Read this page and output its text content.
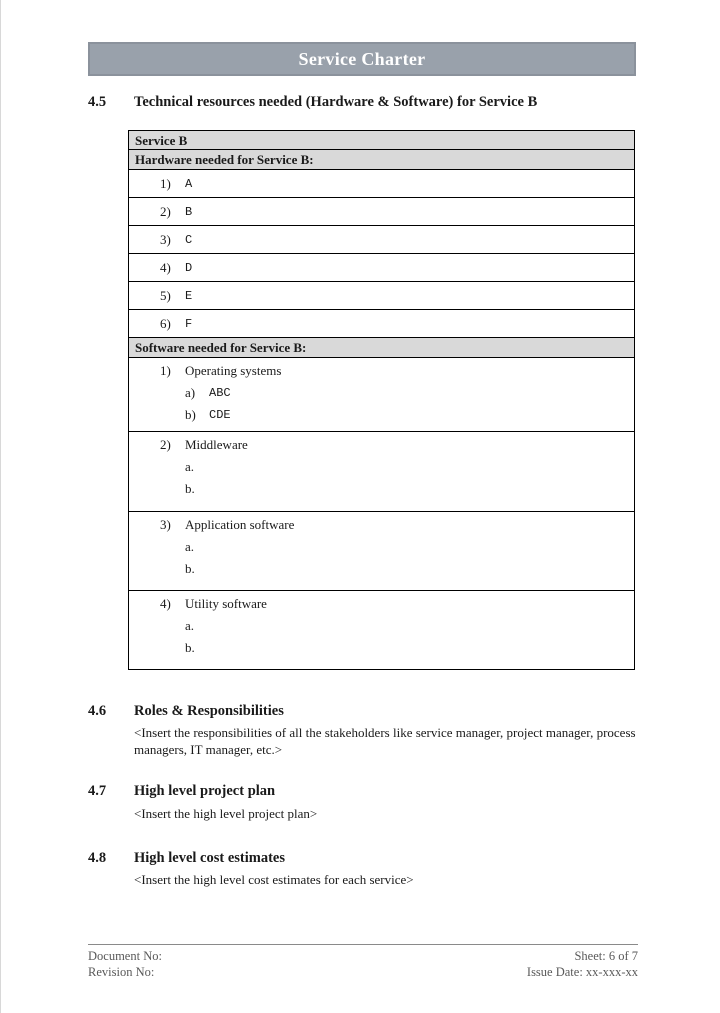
Service Charter
4.5	Technical resources needed (Hardware & Software) for Service B
Service B
Hardware needed for Service B:
1)	A
2)	B
3)	C
4)	D
5)	E
6)	F
Software needed for Service B:
1)	Operating systems
a)	ABC
b)	CDE
2)	Middleware
a.
b.
3)	Application software
a.
b.
4)	Utility software
a.
b.
4.6	Roles & Responsibilities
<Insert the responsibilities of all the stakeholders like service manager, project manager, process managers, IT manager, etc.>
4.7	High level project plan
<Insert the high level project plan>
4.8	High level cost estimates
<Insert the high level cost estimates for each service>
Document No:
Revision No:
Sheet: 6 of 7
Issue Date: xx-xxx-xx
